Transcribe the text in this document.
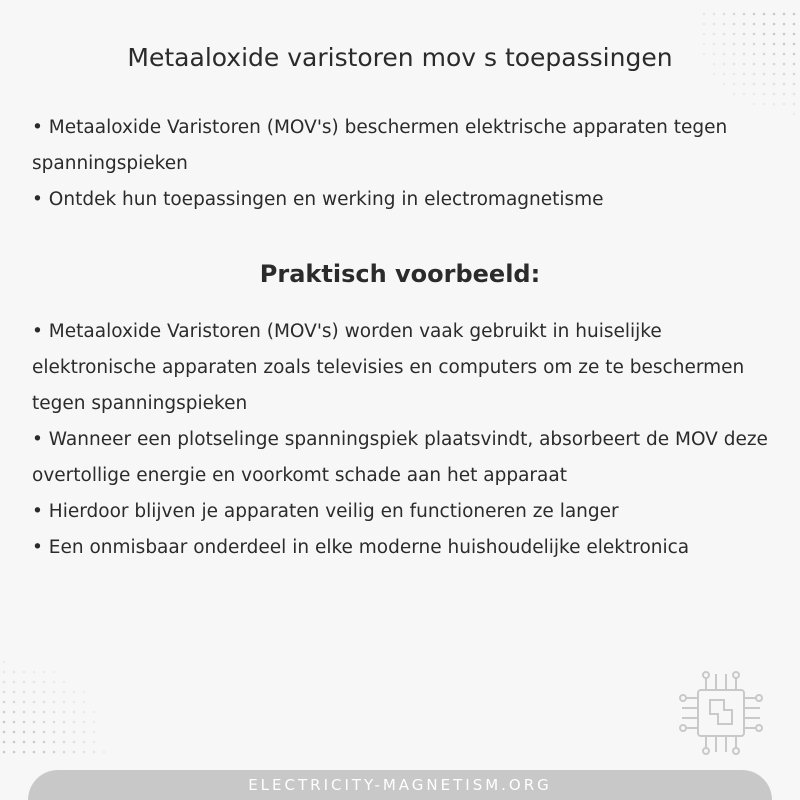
Metaaloxide varistoren mov s toepassingen
• Metaaloxide Varistoren (MOV's) beschermen elektrische apparaten tegen spanningspieken
• Ontdek hun toepassingen en werking in electromagnetisme
Praktisch voorbeeld:
• Metaaloxide Varistoren (MOV's) worden vaak gebruikt in huiselijke elektronische apparaten zoals televisies en computers om ze te beschermen tegen spanningspieken
• Wanneer een plotselinge spanningspiek plaatsvindt, absorbeert de MOV deze overtollige energie en voorkomt schade aan het apparaat
• Hierdoor blijven je apparaten veilig en functioneren ze langer
• Een onmisbaar onderdeel in elke moderne huishoudelijke elektronica
ELECTRICITY-MAGNETISM.ORG
